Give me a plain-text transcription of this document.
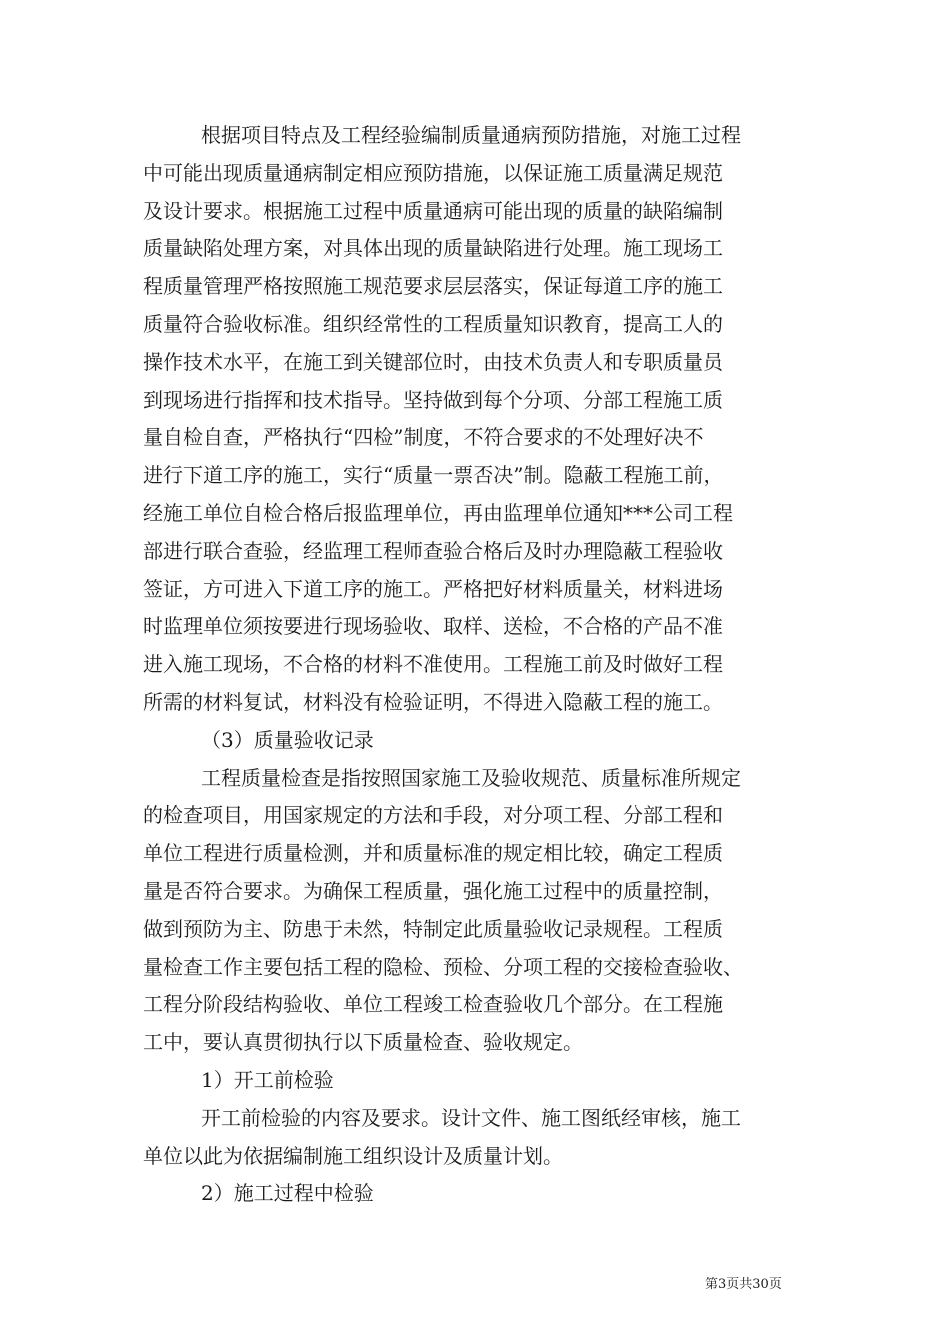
根据项目特点及工程经验编制质量通病预防措施，对施工过程
中可能出现质量通病制定相应预防措施，以保证施工质量满足规范
及设计要求。根据施工过程中质量通病可能出现的质量的缺陷编制
质量缺陷处理方案，对具体出现的质量缺陷进行处理。施工现场工
程质量管理严格按照施工规范要求层层落实，保证每道工序的施工
质量符合验收标准。组织经常性的工程质量知识教育，提高工人的
操作技术水平，在施工到关键部位时，由技术负责人和专职质量员
到现场进行指挥和技术指导。坚持做到每个分项、分部工程施工质
量自检自查，严格执行“四检”制度，不符合要求的不处理好决不
进行下道工序的施工，实行“质量一票否决”制。隐蔽工程施工前，
经施工单位自检合格后报监理单位，再由监理单位通知***公司工程
部进行联合查验，经监理工程师查验合格后及时办理隐蔽工程验收
签证，方可进入下道工序的施工。严格把好材料质量关，材料进场
时监理单位须按要进行现场验收、取样、送检，不合格的产品不准
进入施工现场，不合格的材料不准使用。工程施工前及时做好工程
所需的材料复试，材料没有检验证明，不得进入隐蔽工程的施工。
（3）质量验收记录
工程质量检查是指按照国家施工及验收规范、质量标准所规定
的检查项目，用国家规定的方法和手段，对分项工程、分部工程和
单位工程进行质量检测，并和质量标准的规定相比较，确定工程质
量是否符合要求。为确保工程质量，强化施工过程中的质量控制，
做到预防为主、防患于未然，特制定此质量验收记录规程。工程质
量检查工作主要包括工程的隐检、预检、分项工程的交接检查验收、
工程分阶段结构验收、单位工程竣工检查验收几个部分。在工程施
工中，要认真贯彻执行以下质量检查、验收规定。
1）开工前检验
开工前检验的内容及要求。设计文件、施工图纸经审核，施工
单位以此为依据编制施工组织设计及质量计划。
2）施工过程中检验
第3页共30页
